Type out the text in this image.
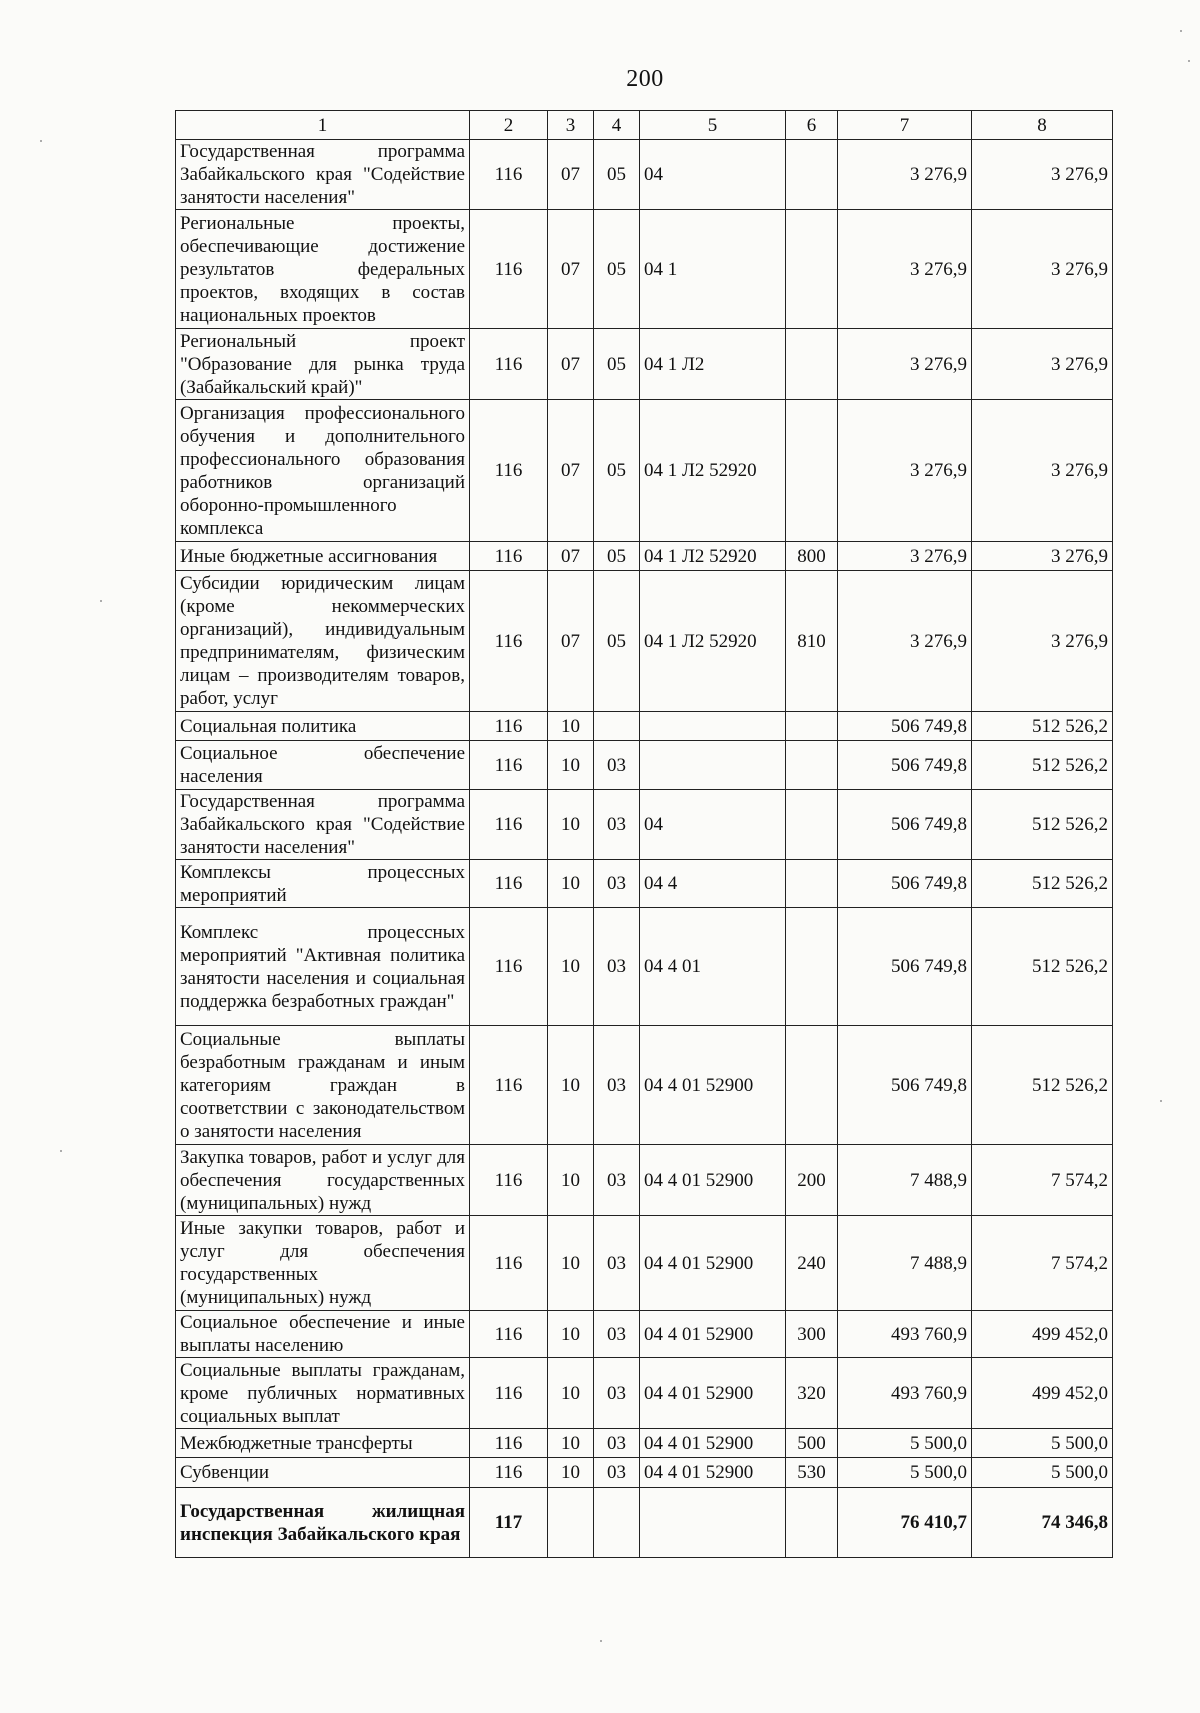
200
1	2	3	4	5	6	7	8
Государственная программа Забайкальского края "Содействие занятости населения"	116	07	05	04		3 276,9	3 276,9
Региональные проекты, обеспечивающие достижение результатов федеральных проектов, входящих в состав национальных проектов	116	07	05	04 1		3 276,9	3 276,9
Региональный проект "Образование для рынка труда (Забайкальский край)"	116	07	05	04 1 Л2		3 276,9	3 276,9
Организация профессионального обучения и дополнительного профессионального образования работников организаций оборонно-промышленного комплекса	116	07	05	04 1 Л2 52920		3 276,9	3 276,9
Иные бюджетные ассигнования	116	07	05	04 1 Л2 52920	800	3 276,9	3 276,9
Субсидии юридическим лицам (кроме некоммерческих организаций), индивидуальным предпринимателям, физическим лицам – производителям товаров, работ, услуг	116	07	05	04 1 Л2 52920	810	3 276,9	3 276,9
Социальная политика	116	10				506 749,8	512 526,2
Социальное обеспечение населения	116	10	03			506 749,8	512 526,2
Государственная программа Забайкальского края "Содействие занятости населения"	116	10	03	04		506 749,8	512 526,2
Комплексы процессных мероприятий	116	10	03	04 4		506 749,8	512 526,2
Комплекс процессных мероприятий "Активная политика занятости населения и социальная поддержка безработных граждан"	116	10	03	04 4 01		506 749,8	512 526,2
Социальные выплаты безработным гражданам и иным категориям граждан в соответствии с законодательством о занятости населения	116	10	03	04 4 01 52900		506 749,8	512 526,2
Закупка товаров, работ и услуг для обеспечения государственных (муниципальных) нужд	116	10	03	04 4 01 52900	200	7 488,9	7 574,2
Иные закупки товаров, работ и услуг для обеспечения государственных (муниципальных) нужд	116	10	03	04 4 01 52900	240	7 488,9	7 574,2
Социальное обеспечение и иные выплаты населению	116	10	03	04 4 01 52900	300	493 760,9	499 452,0
Социальные выплаты гражданам, кроме публичных нормативных социальных выплат	116	10	03	04 4 01 52900	320	493 760,9	499 452,0
Межбюджетные трансферты	116	10	03	04 4 01 52900	500	5 500,0	5 500,0
Субвенции	116	10	03	04 4 01 52900	530	5 500,0	5 500,0
Государственная жилищная инспекция Забайкальского края	117					76 410,7	74 346,8
